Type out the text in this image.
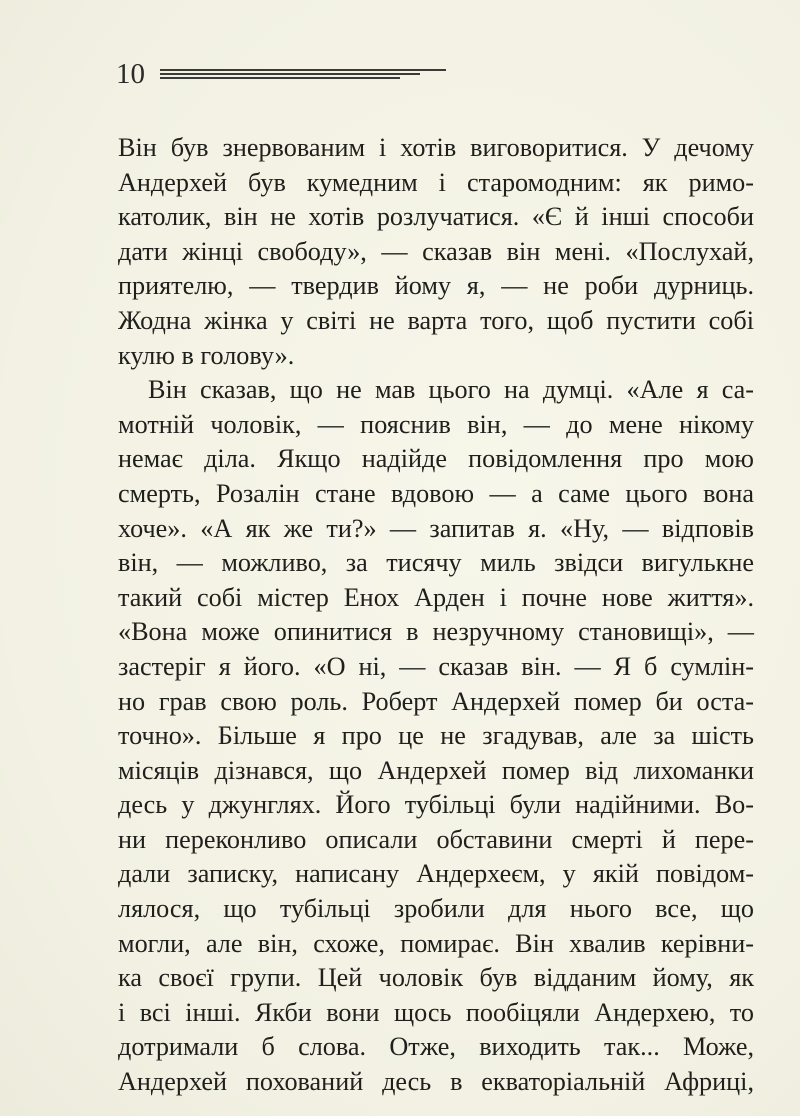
10
Він був знервованим і хотів виговоритися. У дечому
Андерхей був кумедним і старомодним: як римо-
католик, він не хотів розлучатися. «Є й інші способи
дати жінці свободу», — сказав він мені. «Послухай,
приятелю, — твердив йому я, — не роби дурниць.
Жодна жінка у світі не варта того, щоб пустити собі
кулю в голову».
Він сказав, що не мав цього на думці. «Але я са-
мотній чоловік, — пояснив він, — до мене нікому
немає діла. Якщо надійде повідомлення про мою
смерть, Розалін стане вдовою — а саме цього вона
хоче». «А як же ти?» — запитав я. «Ну, — відповів
він, — можливо, за тисячу миль звідси вигулькне
такий собі містер Енох Арден і почне нове життя».
«Вона може опинитися в незручному становищі», —
застеріг я його. «О ні, — сказав він. — Я б сумлін-
но грав свою роль. Роберт Андерхей помер би оста-
точно». Більше я про це не згадував, але за шість
місяців дізнався, що Андерхей помер від лихоманки
десь у джунглях. Його тубільці були надійними. Во-
ни переконливо описали обставини смерті й пере-
дали записку, написану Андерхеєм, у якій повідом-
лялося, що тубільці зробили для нього все, що
могли, але він, схоже, помирає. Він хвалив керівни-
ка своєї групи. Цей чоловік був відданим йому, як
і всі інші. Якби вони щось пообіцяли Андерхею, то
дотримали б слова. Отже, виходить так... Може,
Андерхей похований десь в екваторіальній Африці,
